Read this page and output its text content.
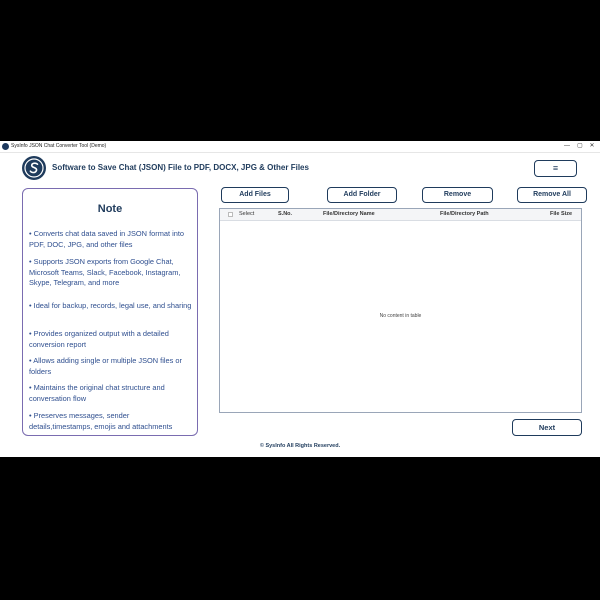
SysInfo JSON Chat Converter Tool (Demo)	—	▢	✕
Software to Save Chat (JSON) File to PDF, DOCX, JPG & Other Files	≡
Note
• Converts chat data saved in JSON format into PDF, DOC, JPG, and other files
• Supports JSON exports from Google Chat, Microsoft Teams, Slack, Facebook, Instagram, Skype, Telegram, and more
• Ideal for backup, records, legal use, and sharing
• Provides organized output with a detailed conversion report
• Allows adding single or multiple JSON files or folders
• Maintains the original chat structure and conversation flow
• Preserves messages, sender details,timestamps, emojis and attachments
Add Files	Add Folder	Remove	Remove All
Select	S.No.	File/Directory Name	File/Directory Path	File Size
No content in table
Next
© SysInfo All Rights Reserved.
